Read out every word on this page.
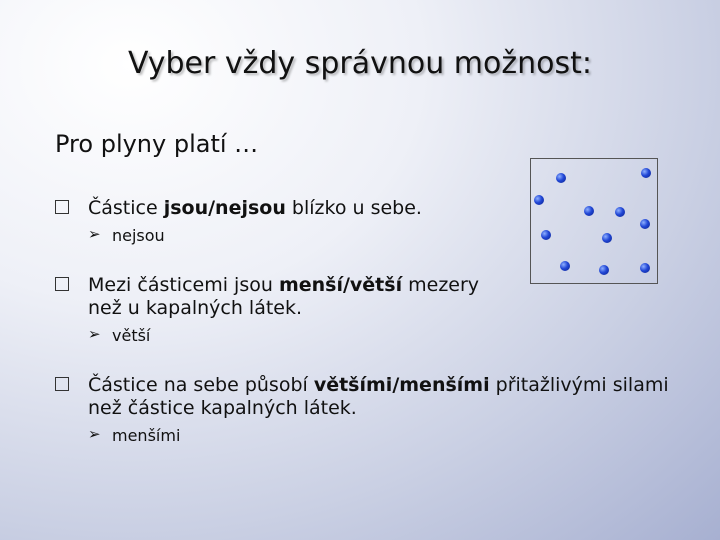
Vyber vždy správnou možnost:
Pro plyny platí …
Částice jsou/nejsou blízko u sebe.
➢ nejsou
Mezi částicemi jsou menší/větší mezery
než u kapalných látek.
➢ větší
Částice na sebe působí většími/menšími přitažlivými silami
než částice kapalných látek.
➢ menšími
